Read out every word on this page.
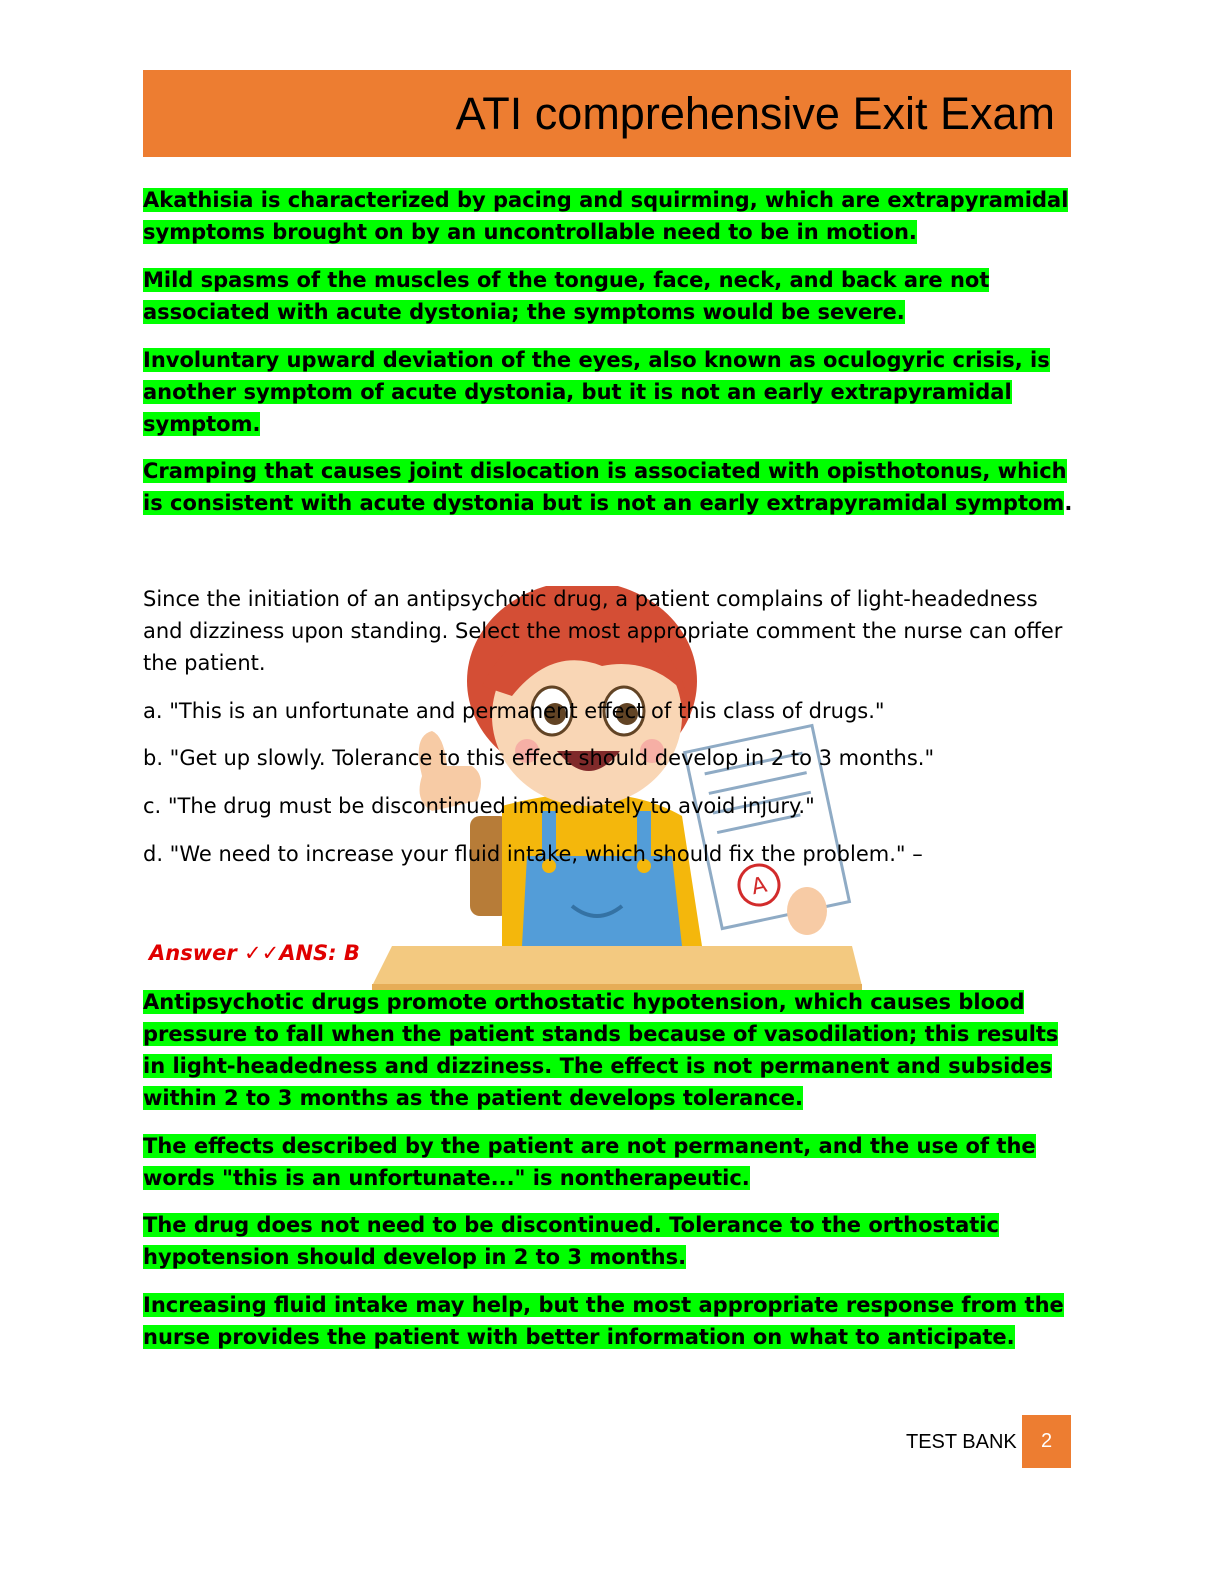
ATI comprehensive Exit Exam
A

Akathisia is characterized by pacing and squirming, which are extrapyramidal symptoms brought on by an uncontrollable need to be in motion.

Mild spasms of the muscles of the tongue, face, neck, and back are not associated with acute dystonia; the symptoms would be severe.

Involuntary upward deviation of the eyes, also known as oculogyric crisis, is another symptom of acute dystonia, but it is not an early extrapyramidal symptom.

Cramping that causes joint dislocation is associated with opisthotonus, which is consistent with acute dystonia but is not an early extrapyramidal symptom.

Since the initiation of an antipsychotic drug, a patient complains of light-headedness and dizziness upon standing. Select the most appropriate comment the nurse can offer the patient.

a. "This is an unfortunate and permanent effect of this class of drugs."

b. "Get up slowly. Tolerance to this effect should develop in 2 to 3 months."

c. "The drug must be discontinued immediately to avoid injury."

d. "We need to increase your fluid intake, which should fix the problem." –

Answer ✓✓ANS: B

Antipsychotic drugs promote orthostatic hypotension, which causes blood pressure to fall when the patient stands because of vasodilation; this results in light-headedness and dizziness. The effect is not permanent and subsides within 2 to 3 months as the patient develops tolerance.

The effects described by the patient are not permanent, and the use of the words "this is an unfortunate..." is nontherapeutic.

The drug does not need to be discontinued. Tolerance to the orthostatic hypotension should develop in 2 to 3 months.

Increasing fluid intake may help, but the most appropriate response from the nurse provides the patient with better information on what to anticipate.

TEST BANK	2
